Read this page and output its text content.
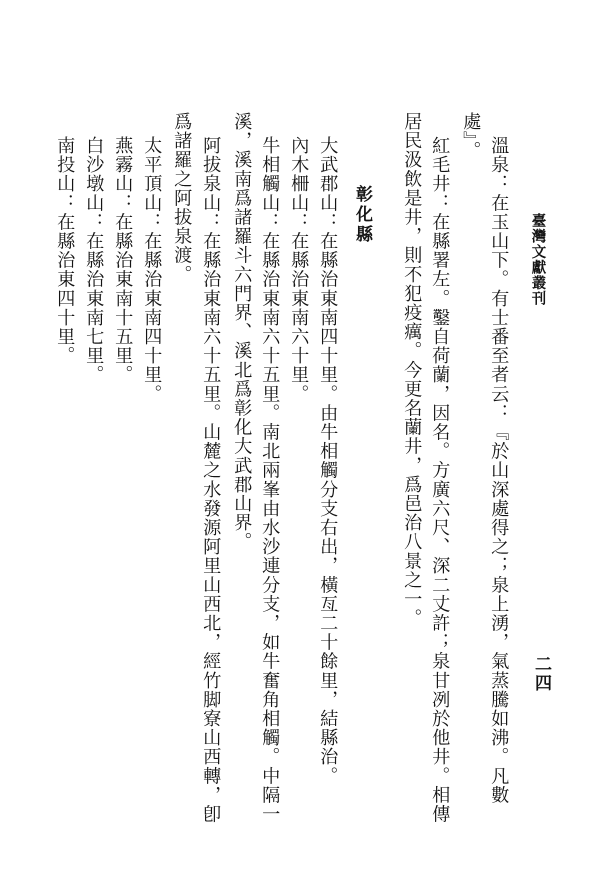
臺灣文獻叢刊
二四
溫泉：在玉山下。有士番至者云：『於山深處得之；泉上湧，氣蒸騰如沸。凡數
處』。
紅毛井：在縣署左。鑿自荷蘭，因名。方廣六尺、深二丈許；泉甘冽於他井。相傳
居民汲飲是井，則不犯疫癘。今更名蘭井，爲邑治八景之一。
彰化縣
大武郡山：在縣治東南四十里。由牛相觸分支右出，橫亙二十餘里，結縣治。
內木柵山：在縣治東南六十里。
牛相觸山：在縣治東南六十五里。南北兩峯由水沙連分支，如牛奮角相觸。中隔一
溪，溪南爲諸羅斗六門界、溪北爲彰化大武郡山界。
阿拔泉山：在縣治東南六十五里。山麓之水發源阿里山西北，經竹脚寮山西轉，卽
爲諸羅之阿拔泉渡。
太平頂山：在縣治東南四十里。
燕霧山：在縣治東南十五里。
白沙墩山：在縣治東南七里。
南投山：在縣治東四十里。
